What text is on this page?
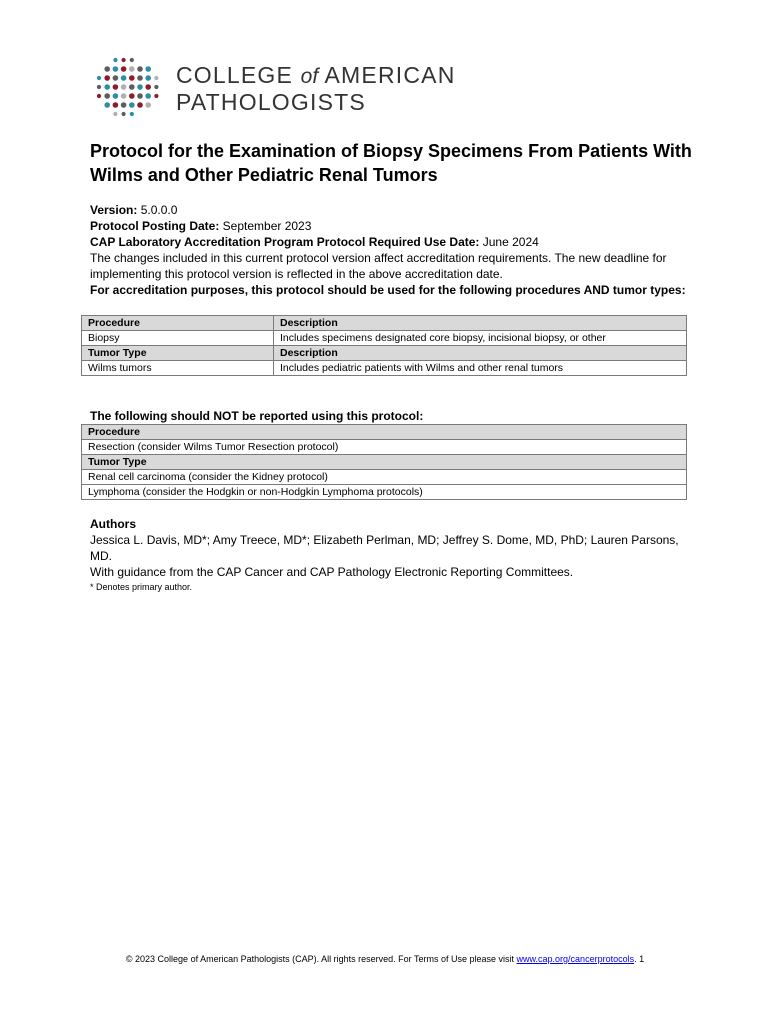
COLLEGE of AMERICAN
PATHOLOGISTS
Protocol for the Examination of Biopsy Specimens From Patients With Wilms and Other Pediatric Renal Tumors

Version: 5.0.0.0

Protocol Posting Date: September 2023

CAP Laboratory Accreditation Program Protocol Required Use Date: June 2024

The changes included in this current protocol version affect accreditation requirements. The new deadline for implementing this protocol version is reflected in the above accreditation date.

For accreditation purposes, this protocol should be used for the following procedures AND tumor types:

Procedure	Description
Biopsy	Includes specimens designated core biopsy, incisional biopsy, or other
Tumor Type	Description
Wilms tumors	Includes pediatric patients with Wilms and other renal tumors
The following should NOT be reported using this protocol:
Procedure
Resection (consider Wilms Tumor Resection protocol)
Tumor Type
Renal cell carcinoma (consider the Kidney protocol)
Lymphoma (consider the Hodgkin or non-Hodgkin Lymphoma protocols)

Authors

Jessica L. Davis, MD*; Amy Treece, MD*; Elizabeth Perlman, MD; Jeffrey S. Dome, MD, PhD; Lauren Parsons, MD.

With guidance from the CAP Cancer and CAP Pathology Electronic Reporting Committees.

* Denotes primary author.

© 2023 College of American Pathologists (CAP). All rights reserved. For Terms of Use please visit www.cap.org/cancerprotocols. 1
